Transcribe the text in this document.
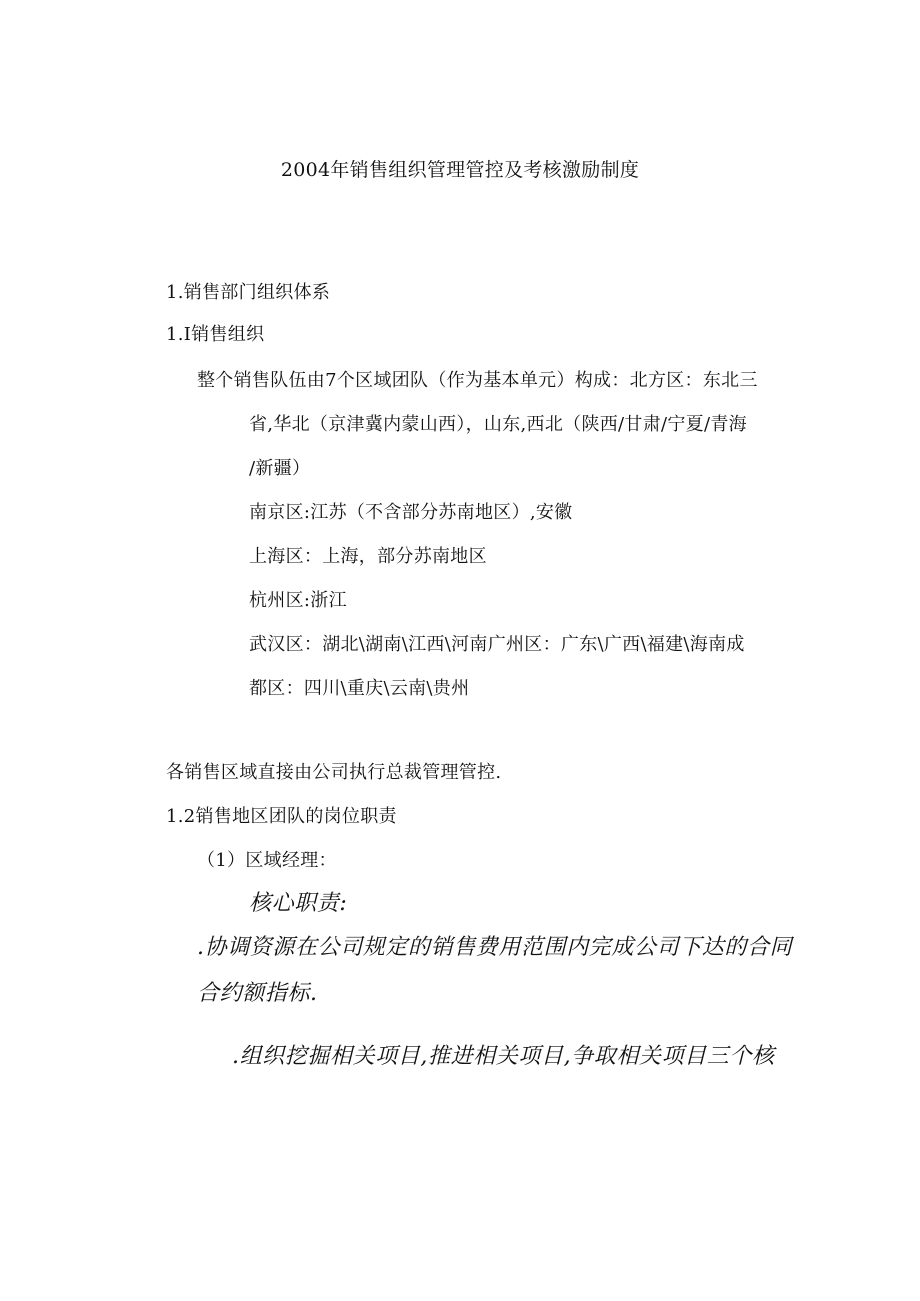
2004年销售组织管理管控及考核激励制度
1.销售部门组织体系
1.I销售组织
整个销售队伍由7个区域团队（作为基本单元）构成：北方区：东北三
省,华北（京津冀内蒙山西），山东,西北（陕西/甘肃/宁夏/青海
/新疆）
南京区:江苏（不含部分苏南地区）,安徽
上海区：上海，部分苏南地区
杭州区:浙江
武汉区：湖北\湖南\江西\河南广州区：广东\广西\福建\海南成
都区：四川\重庆\云南\贵州
各销售区域直接由公司执行总裁管理管控.
1.2销售地区团队的岗位职责
（1）区域经理：
核心职责:
.协调资源在公司规定的销售费用范围内完成公司下达的合同
合约额指标.
.组织挖掘相关项目,推进相关项目,争取相关项目三个核
